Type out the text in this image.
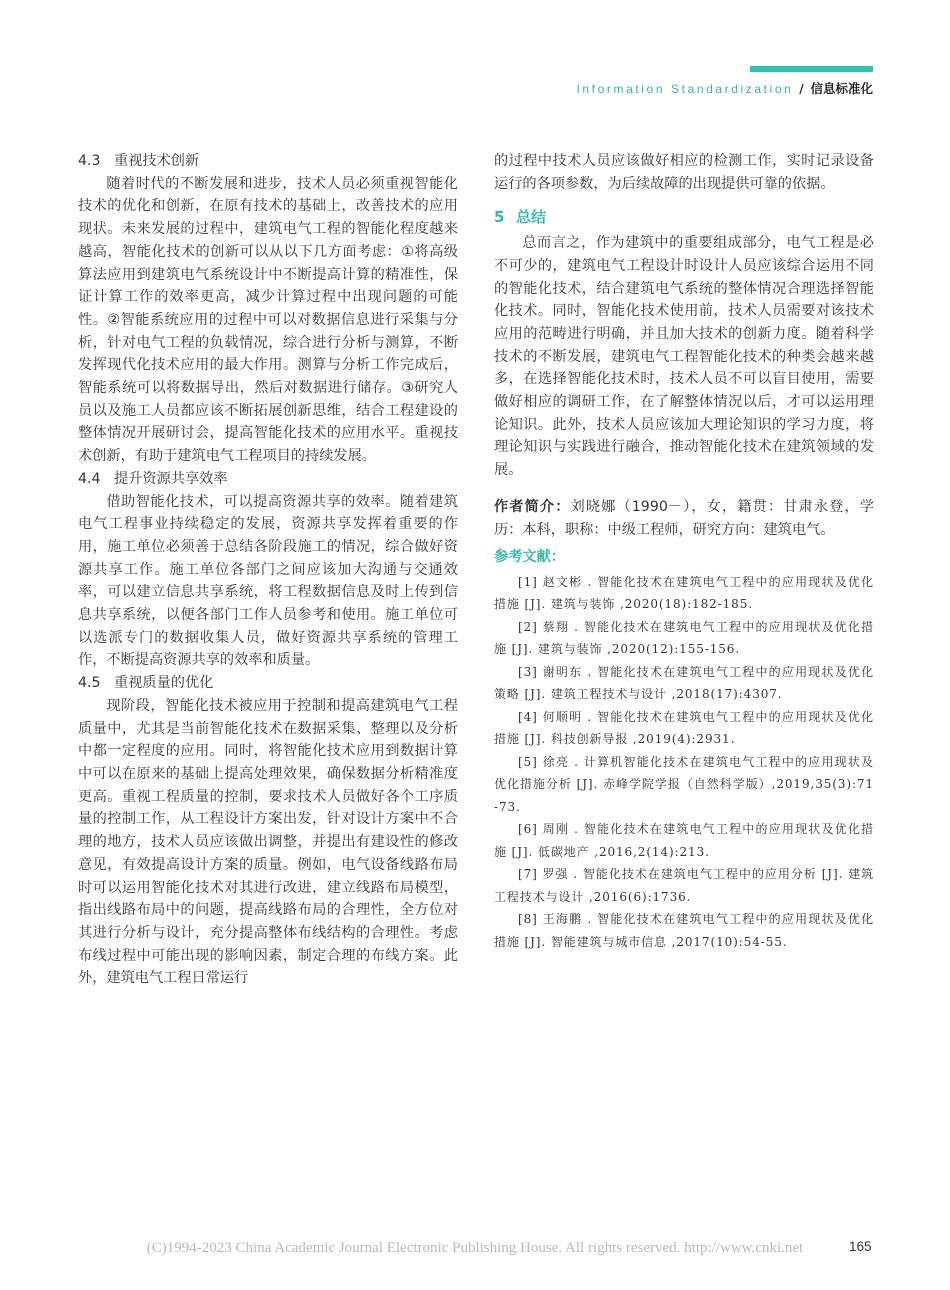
Information Standardization / 信息标准化
4.3 重视技术创新

随着时代的不断发展和进步，技术人员必须重视智能化技术的优化和创新，在原有技术的基础上，改善技术的应用现状。未来发展的过程中，建筑电气工程的智能化程度越来越高，智能化技术的创新可以从以下几方面考虑：①将高级算法应用到建筑电气系统设计中不断提高计算的精准性，保证计算工作的效率更高，减少计算过程中出现问题的可能性。②智能系统应用的过程中可以对数据信息进行采集与分析，针对电气工程的负载情况，综合进行分析与测算，不断发挥现代化技术应用的最大作用。测算与分析工作完成后，智能系统可以将数据导出，然后对数据进行储存。③研究人员以及施工人员都应该不断拓展创新思维，结合工程建设的整体情况开展研讨会，提高智能化技术的应用水平。重视技术创新，有助于建筑电气工程项目的持续发展。

4.4 提升资源共享效率

借助智能化技术，可以提高资源共享的效率。随着建筑电气工程事业持续稳定的发展，资源共享发挥着重要的作用，施工单位必须善于总结各阶段施工的情况，综合做好资源共享工作。施工单位各部门之间应该加大沟通与交通效率，可以建立信息共享系统，将工程数据信息及时上传到信息共享系统，以便各部门工作人员参考和使用。施工单位可以选派专门的数据收集人员，做好资源共享系统的管理工作，不断提高资源共享的效率和质量。

4.5 重视质量的优化

现阶段，智能化技术被应用于控制和提高建筑电气工程质量中，尤其是当前智能化技术在数据采集、整理以及分析中都一定程度的应用。同时，将智能化技术应用到数据计算中可以在原来的基础上提高处理效果，确保数据分析精准度更高。重视工程质量的控制，要求技术人员做好各个工序质量的控制工作，从工程设计方案出发，针对设计方案中不合理的地方，技术人员应该做出调整，并提出有建设性的修改意见，有效提高设计方案的质量。例如，电气设备线路布局时可以运用智能化技术对其进行改进，建立线路布局模型，指出线路布局中的问题，提高线路布局的合理性，全方位对其进行分析与设计，充分提高整体布线结构的合理性。考虑布线过程中可能出现的影响因素，制定合理的布线方案。此外，建筑电气工程日常运行

的过程中技术人员应该做好相应的检测工作，实时记录设备运行的各项参数，为后续故障的出现提供可靠的依据。

5 总结

总而言之，作为建筑中的重要组成部分，电气工程是必不可少的，建筑电气工程设计时设计人员应该综合运用不同的智能化技术，结合建筑电气系统的整体情况合理选择智能化技术。同时，智能化技术使用前，技术人员需要对该技术应用的范畴进行明确，并且加大技术的创新力度。随着科学技术的不断发展，建筑电气工程智能化技术的种类会越来越多，在选择智能化技术时，技术人员不可以盲目使用，需要做好相应的调研工作，在了解整体情况以后，才可以运用理论知识。此外，技术人员应该加大理论知识的学习力度，将理论知识与实践进行融合，推动智能化技术在建筑领域的发展。

作者简介：刘晓娜（1990－），女，籍贯：甘肃永登，学历：本科，职称：中级工程师，研究方向：建筑电气。

参考文献：

[1] 赵文彬 . 智能化技术在建筑电气工程中的应用现状及优化措施 [J]. 建筑与装饰 ,2020(18):182-185.

[2] 蔡翔 . 智能化技术在建筑电气工程中的应用现状及优化措施 [J]. 建筑与装饰 ,2020(12):155-156.

[3] 谢明东 . 智能化技术在建筑电气工程中的应用现状及优化策略 [J]. 建筑工程技术与设计 ,2018(17):4307.

[4] 何顺明 . 智能化技术在建筑电气工程中的应用现状及优化措施 [J]. 科技创新导报 ,2019(4):2931.

[5] 徐亮 . 计算机智能化技术在建筑电气工程中的应用现状及优化措施分析 [J]. 赤峰学院学报（自然科学版）,2019,35(3):71-73.

[6] 周刚 . 智能化技术在建筑电气工程中的应用现状及优化措施 [J]. 低碳地产 ,2016,2(14):213.

[7] 罗强 . 智能化技术在建筑电气工程中的应用分析 [J]. 建筑工程技术与设计 ,2016(6):1736.

[8] 王海鹏 . 智能化技术在建筑电气工程中的应用现状及优化措施 [J]. 智能建筑与城市信息 ,2017(10):54-55.

(C)1994-2023 China Academic Journal Electronic Publishing House. All rights reserved. http://www.cnki.net	165
